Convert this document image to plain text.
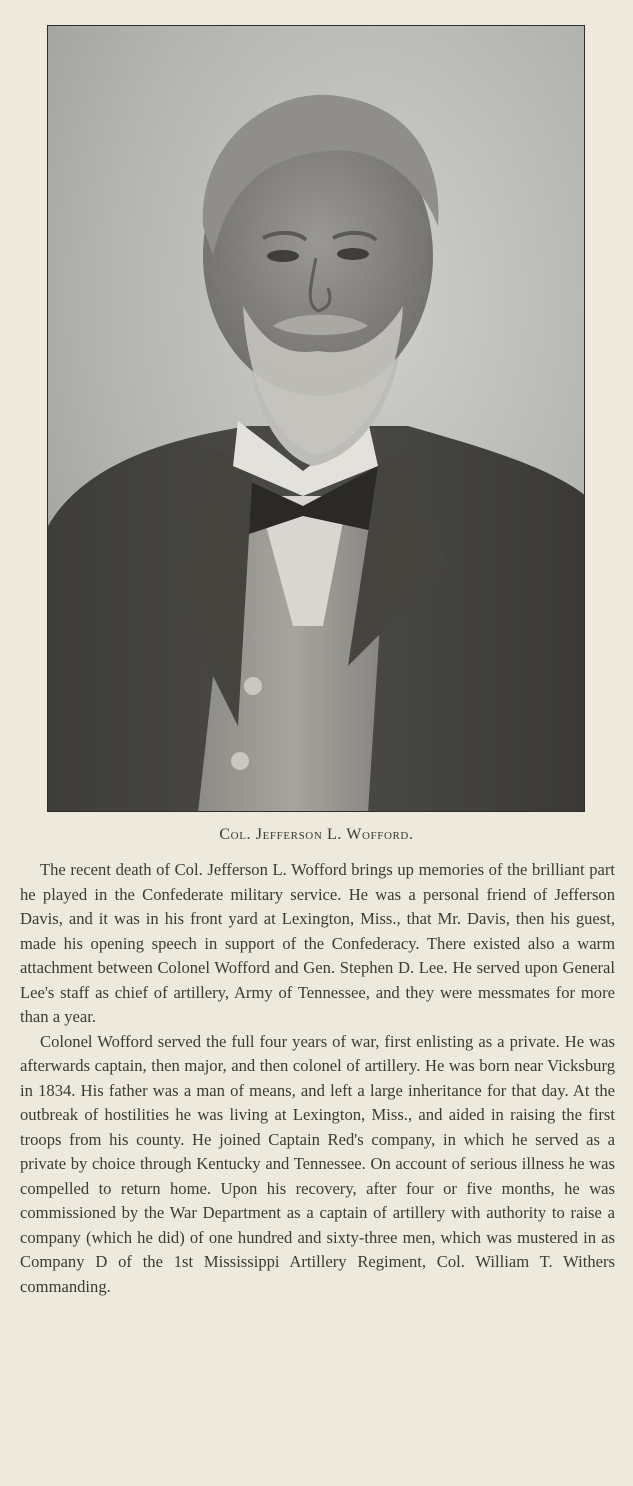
Col. Jefferson L. Wofford.

The recent death of Col. Jefferson L. Wofford brings up memories of the brilliant part he played in the Confederate military service. He was a personal friend of Jefferson Davis, and it was in his front yard at Lexington, Miss., that Mr. Davis, then his guest, made his opening speech in support of the Confederacy. There existed also a warm attachment between Colonel Wofford and Gen. Stephen D. Lee. He served upon General Lee's staff as chief of artillery, Army of Tennessee, and they were messmates for more than a year.

Colonel Wofford served the full four years of war, first enlisting as a private. He was afterwards captain, then major, and then colonel of artillery. He was born near Vicksburg in 1834. His father was a man of means, and left a large inheritance for that day. At the outbreak of hostilities he was living at Lexington, Miss., and aided in raising the first troops from his county. He joined Captain Red's company, in which he served as a private by choice through Kentucky and Tennessee. On account of serious illness he was compelled to return home. Upon his recovery, after four or five months, he was commissioned by the War Department as a captain of artillery with authority to raise a company (which he did) of one hundred and sixty-three men, which was mustered in as Company D of the 1st Mississippi Artillery Regiment, Col. William T. Withers commanding.
